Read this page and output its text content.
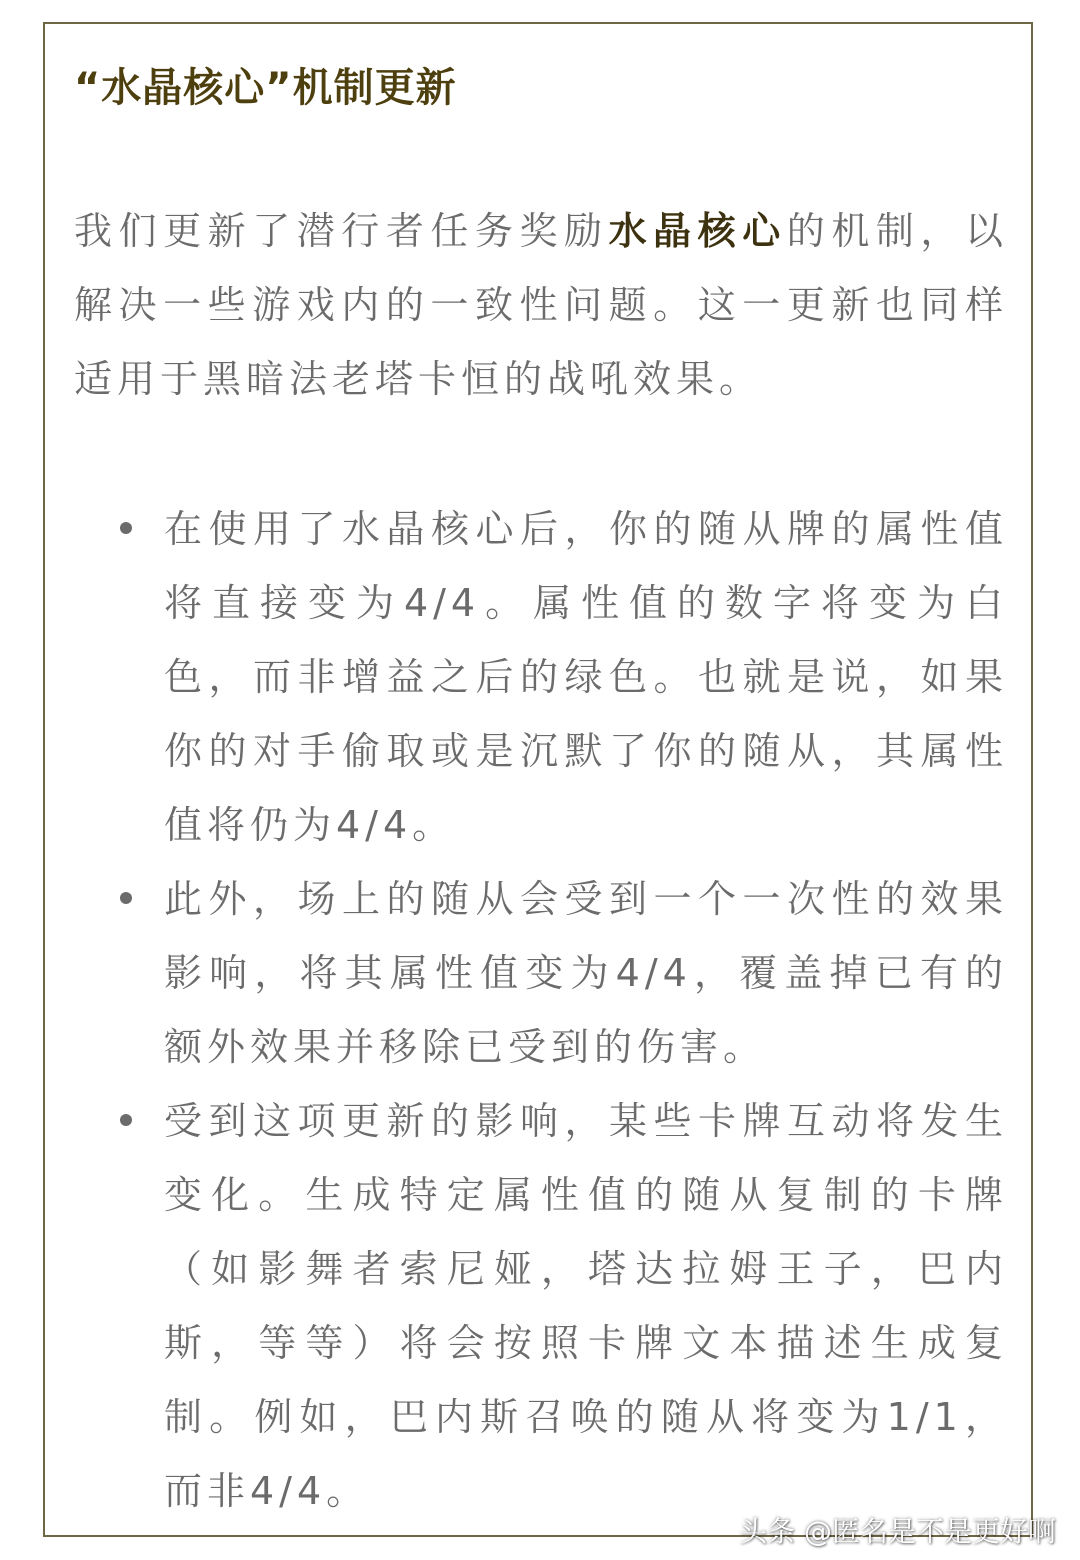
“水晶核心”机制更新

我们更新了潜行者任务奖励水晶核心的机制，以解决一些游戏内的一致性问题。这一更新也同样适用于黑暗法老塔卡恒的战吼效果。

在使用了水晶核心后，你的随从牌的属性值将直接变为4/4。属性值的数字将变为白色，而非增益之后的绿色。也就是说，如果你的对手偷取或是沉默了你的随从，其属性值将仍为4/4。
此外，场上的随从会受到一个一次性的效果影响，将其属性值变为4/4，覆盖掉已有的额外效果并移除已受到的伤害。
受到这项更新的影响，某些卡牌互动将发生变化。生成特定属性值的随从复制的卡牌（如影舞者索尼娅，塔达拉姆王子，巴内斯，等等）将会按照卡牌文本描述生成复制。例如，巴内斯召唤的随从将变为1/1，而非4/4。
头条 @匿名是不是更好啊
